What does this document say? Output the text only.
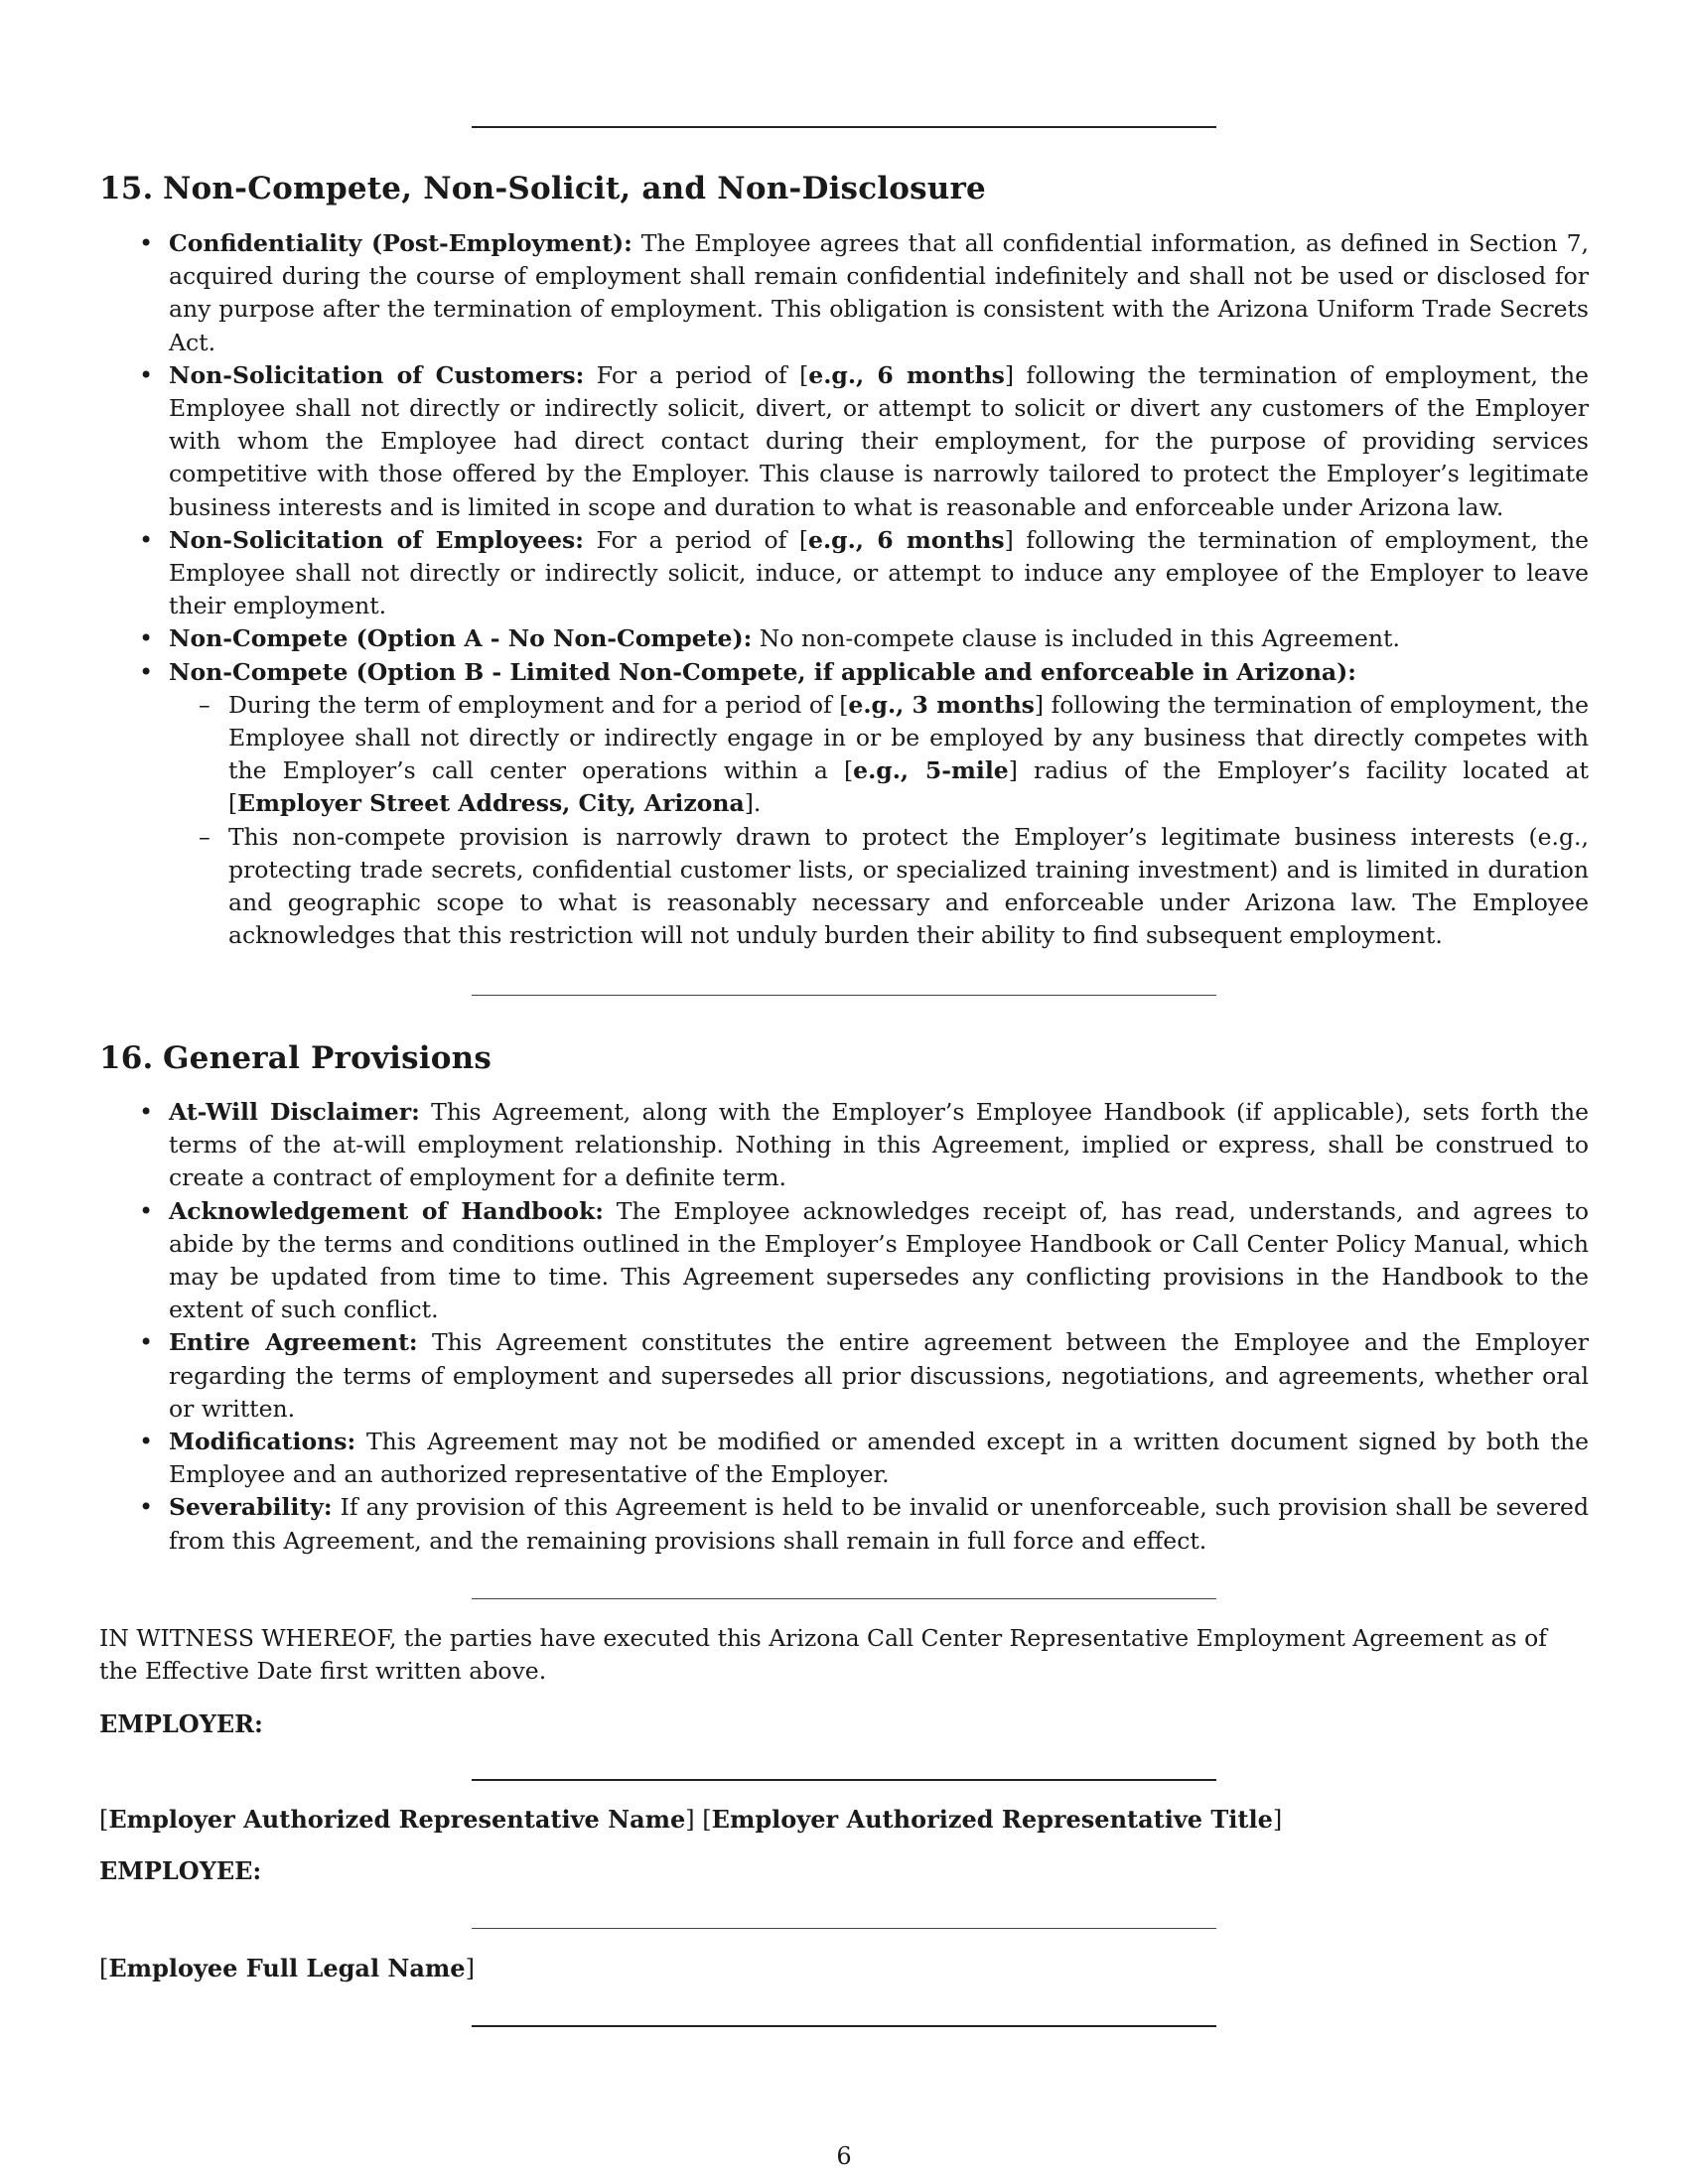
15. Non-Compete, Non-Solicit, and Non-Disclosure
• Confidentiality (Post-Employment): The Employee agrees that all confidential information, as defined in Section 7, acquired during the course of employment shall remain confidential indefinitely and shall not be used or disclosed for any purpose after the termination of employment. This obligation is consistent with the Arizona Uniform Trade Secrets Act.
• Non-Solicitation of Customers: For a period of [e.g., 6 months] following the termination of employment, the Employee shall not directly or indirectly solicit, divert, or attempt to solicit or divert any customers of the Employer with whom the Employee had direct contact during their employment, for the purpose of providing services competitive with those offered by the Employer. This clause is narrowly tailored to protect the Employer’s legitimate business interests and is limited in scope and duration to what is reasonable and enforceable under Arizona law.
• Non-Solicitation of Employees: For a period of [e.g., 6 months] following the termination of employment, the Employee shall not directly or indirectly solicit, induce, or attempt to induce any employee of the Employer to leave their employment.
• Non-Compete (Option A - No Non-Compete): No non-compete clause is included in this Agreement.
• Non-Compete (Option B - Limited Non-Compete, if applicable and enforceable in Arizona):
– During the term of employment and for a period of [e.g., 3 months] following the termination of employment, the Employee shall not directly or indirectly engage in or be employed by any business that directly competes with the Employer’s call center operations within a [e.g., 5-mile] radius of the Employer’s facility located at [Employer Street Address, City, Arizona].
– This non-compete provision is narrowly drawn to protect the Employer’s legitimate business interests (e.g., protecting trade secrets, confidential customer lists, or specialized training investment) and is limited in duration and geographic scope to what is reasonably necessary and enforceable under Arizona law. The Employee acknowledges that this restriction will not unduly burden their ability to find subsequent employment.
16. General Provisions
• At-Will Disclaimer: This Agreement, along with the Employer’s Employee Handbook (if applicable), sets forth the terms of the at-will employment relationship. Nothing in this Agreement, implied or express, shall be construed to create a contract of employment for a definite term.
• Acknowledgement of Handbook: The Employee acknowledges receipt of, has read, understands, and agrees to abide by the terms and conditions outlined in the Employer’s Employee Handbook or Call Center Policy Manual, which may be updated from time to time. This Agreement supersedes any conflicting provisions in the Handbook to the extent of such conflict.
• Entire Agreement: This Agreement constitutes the entire agreement between the Employee and the Employer regarding the terms of employment and supersedes all prior discussions, negotiations, and agreements, whether oral or written.
• Modifications: This Agreement may not be modified or amended except in a written document signed by both the Employee and an authorized representative of the Employer.
• Severability: If any provision of this Agreement is held to be invalid or unenforceable, such provision shall be severed from this Agreement, and the remaining provisions shall remain in full force and effect.

IN WITNESS WHEREOF, the parties have executed this Arizona Call Center Representative Employment Agreement as of the Effective Date first written above.

EMPLOYER:

[Employer Authorized Representative Name] [Employer Authorized Representative Title]

EMPLOYEE:

[Employee Full Legal Name]

6
